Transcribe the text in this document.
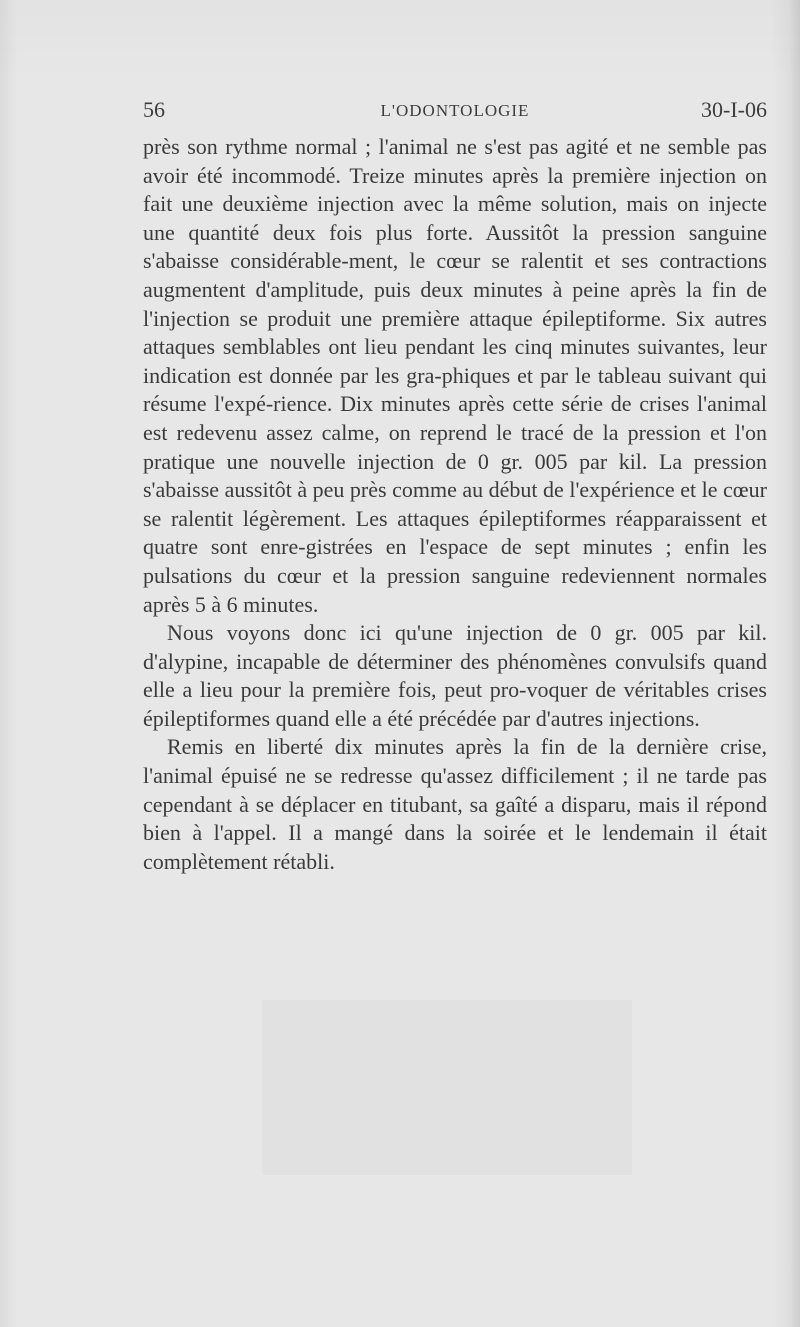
56	L'ODONTOLOGIE	30-I-06

près son rythme normal ; l'animal ne s'est pas agité et ne semble pas avoir été incommodé. Treize minutes après la première injection on fait une deuxième injection avec la même solution, mais on injecte une quantité deux fois plus forte. Aussitôt la pression sanguine s'abaisse considérable-ment, le cœur se ralentit et ses contractions augmentent d'amplitude, puis deux minutes à peine après la fin de l'injection se produit une première attaque épileptiforme. Six autres attaques semblables ont lieu pendant les cinq minutes suivantes, leur indication est donnée par les gra-phiques et par le tableau suivant qui résume l'expé-rience. Dix minutes après cette série de crises l'animal est redevenu assez calme, on reprend le tracé de la pression et l'on pratique une nouvelle injection de 0 gr. 005 par kil. La pression s'abaisse aussitôt à peu près comme au début de l'expérience et le cœur se ralentit légèrement. Les attaques épileptiformes réapparaissent et quatre sont enre-gistrées en l'espace de sept minutes ; enfin les pulsations du cœur et la pression sanguine redeviennent normales après 5 à 6 minutes.

Nous voyons donc ici qu'une injection de 0 gr. 005 par kil. d'alypine, incapable de déterminer des phénomènes convulsifs quand elle a lieu pour la première fois, peut pro-voquer de véritables crises épileptiformes quand elle a été précédée par d'autres injections.

Remis en liberté dix minutes après la fin de la dernière crise, l'animal épuisé ne se redresse qu'assez difficilement ; il ne tarde pas cependant à se déplacer en titubant, sa gaîté a disparu, mais il répond bien à l'appel. Il a mangé dans la soirée et le lendemain il était complètement rétabli.
